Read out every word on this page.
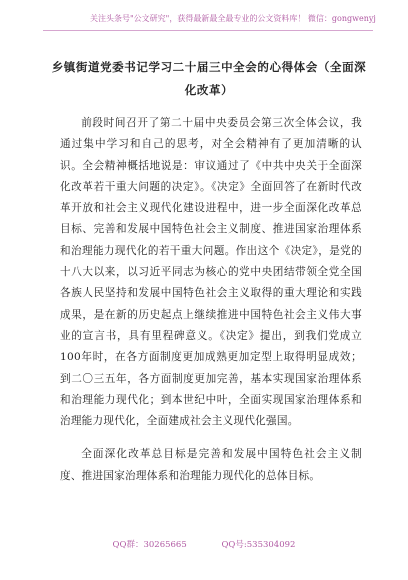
关注头条号"公文研究"，获得最新最全最专业的公文资料库！ 微信：gongwenyj
乡镇街道党委书记学习二十届三中全会的心得体会（全面深化改革）

前段时间召开了第二十届中央委员会第三次全体会议，我通过集中学习和自己的思考，对全会精神有了更加清晰的认识。全会精神概括地说是：审议通过了《中共中央关于全面深化改革若干重大问题的决定》。《决定》全面回答了在新时代改革开放和社会主义现代化建设进程中，进一步全面深化改革总目标、完善和发展中国特色社会主义制度、推进国家治理体系和治理能力现代化的若干重大问题。作出这个《决定》，是党的十八大以来，以习近平同志为核心的党中央团结带领全党全国各族人民坚持和发展中国特色社会主义取得的重大理论和实践成果，是在新的历史起点上继续推进中国特色社会主义伟大事业的宣言书，具有里程碑意义。《决定》提出，到我们党成立100年时，在各方面制度更加成熟更加定型上取得明显成效；到二〇三五年，各方面制度更加完善，基本实现国家治理体系和治理能力现代化；到本世纪中叶，全面实现国家治理体系和治理能力现代化，全面建成社会主义现代化强国。

全面深化改革总目标是完善和发展中国特色社会主义制度、推进国家治理体系和治理能力现代化的总体目标。

QQ群：30265665	QQ号:535304092
